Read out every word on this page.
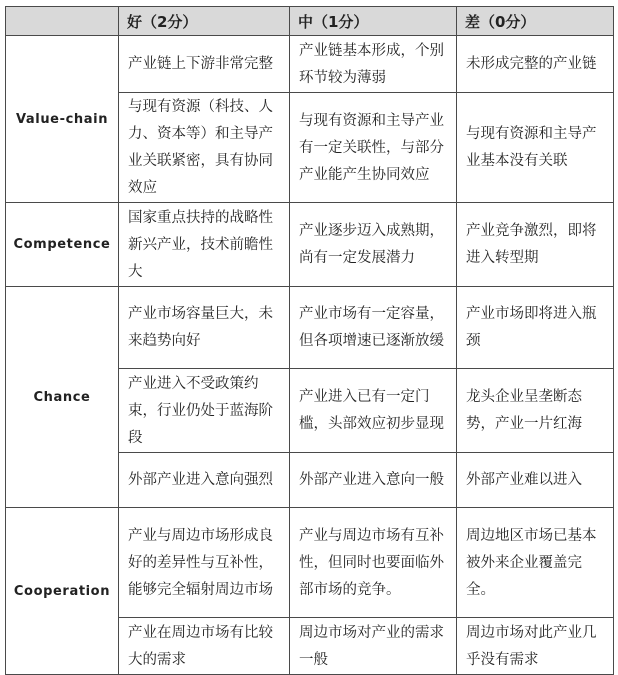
	好（2分）	中（1分）	差（0分）
Value-chain	产业链上下游非常完整	产业链基本形成，个别环节较为薄弱	未形成完整的产业链
	与现有资源（科技、人力、资本等）和主导产业关联紧密，具有协同效应	与现有资源和主导产业有一定关联性，与部分产业能产生协同效应	与现有资源和主导产业基本没有关联
Competence	国家重点扶持的战略性新兴产业，技术前瞻性大	产业逐步迈入成熟期，尚有一定发展潜力	产业竞争激烈，即将进入转型期
Chance	产业市场容量巨大，未来趋势向好	产业市场有一定容量，但各项增速已逐渐放缓	产业市场即将进入瓶颈
	产业进入不受政策约束，行业仍处于蓝海阶段	产业进入已有一定门槛，头部效应初步显现	龙头企业呈垄断态势，产业一片红海
	外部产业进入意向强烈	外部产业进入意向一般	外部产业难以进入
Cooperation	产业与周边市场形成良好的差异性与互补性，能够完全辐射周边市场	产业与周边市场有互补性，但同时也要面临外部市场的竞争。	周边地区市场已基本被外来企业覆盖完全。
	产业在周边市场有比较大的需求	周边市场对产业的需求一般	周边市场对此产业几乎没有需求
